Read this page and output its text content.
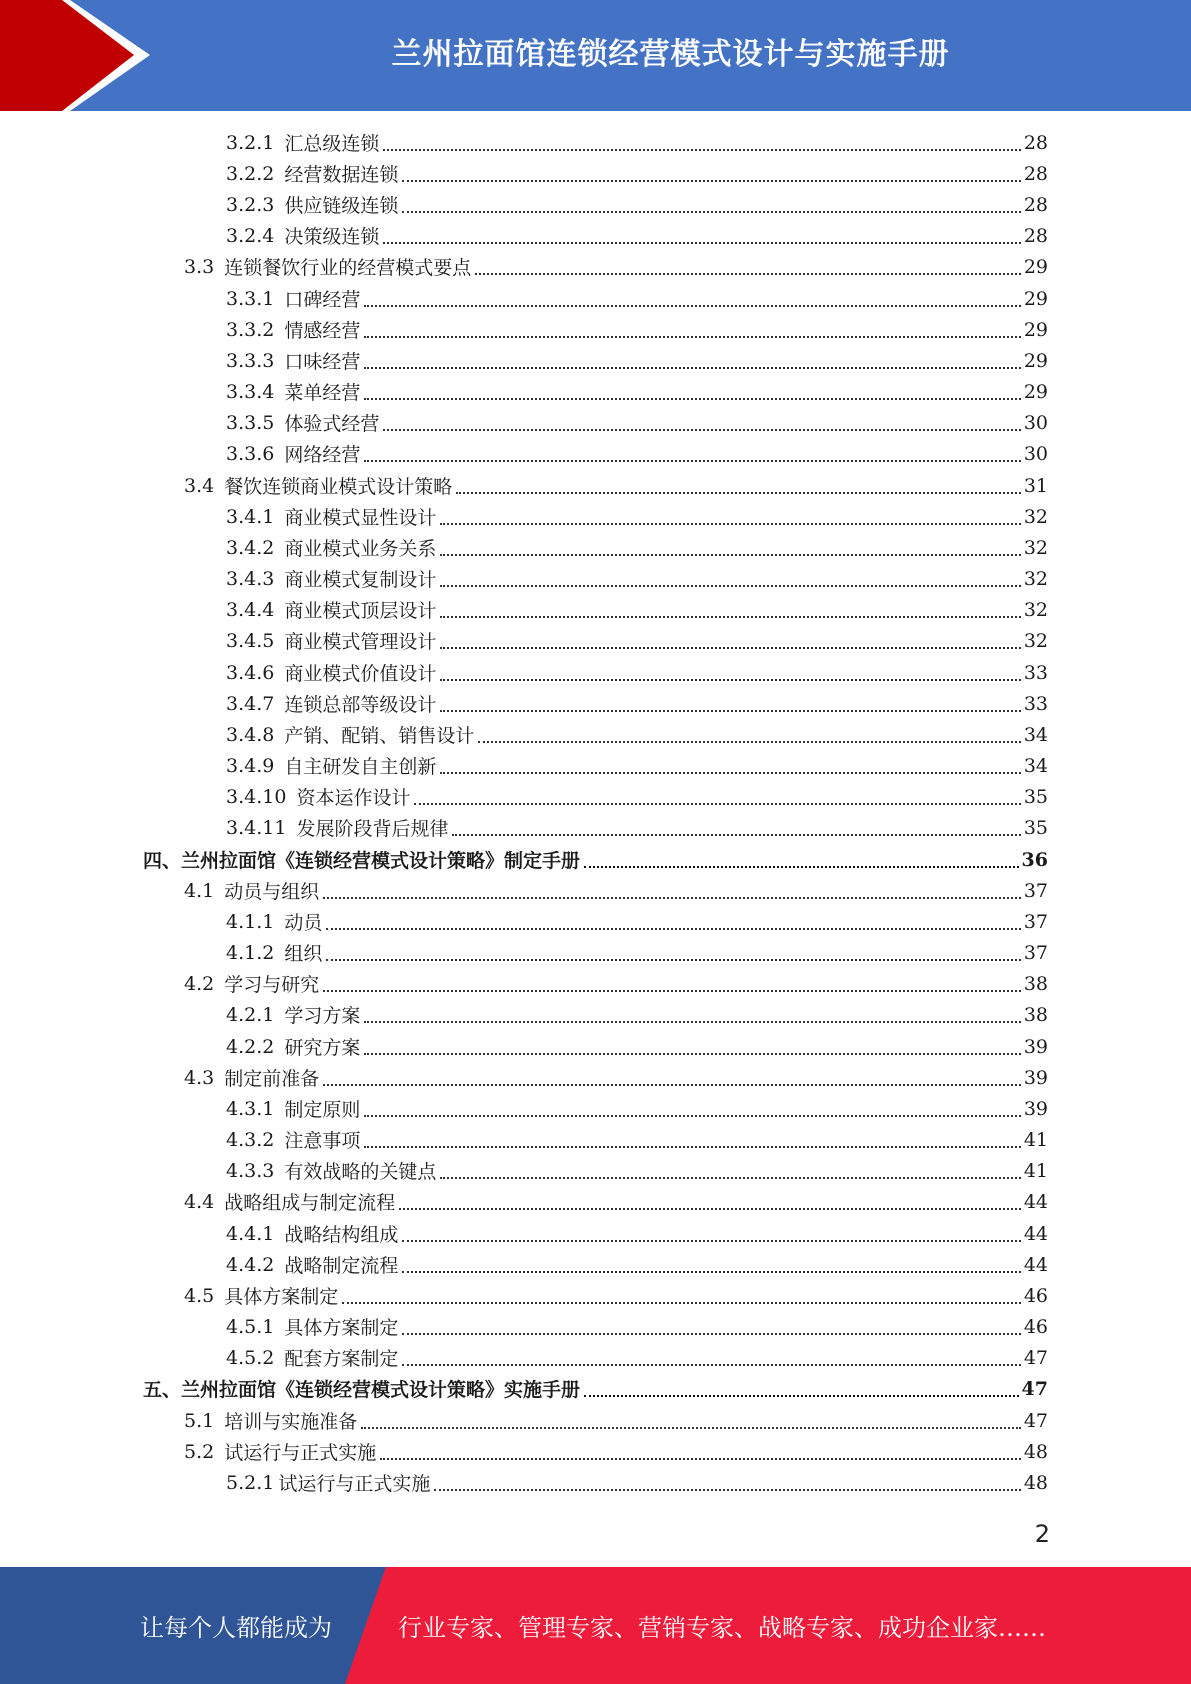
兰州拉面馆连锁经营模式设计与实施手册
3.2.1 汇总级连锁	28
3.2.2 经营数据连锁	28
3.2.3 供应链级连锁	28
3.2.4 决策级连锁	28
3.3 连锁餐饮行业的经营模式要点	29
3.3.1 口碑经营	29
3.3.2 情感经营	29
3.3.3 口味经营	29
3.3.4 菜单经营	29
3.3.5 体验式经营	30
3.3.6 网络经营	30
3.4 餐饮连锁商业模式设计策略	31
3.4.1 商业模式显性设计	32
3.4.2 商业模式业务关系	32
3.4.3 商业模式复制设计	32
3.4.4 商业模式顶层设计	32
3.4.5 商业模式管理设计	32
3.4.6 商业模式价值设计	33
3.4.7 连锁总部等级设计	33
3.4.8 产销、配销、销售设计	34
3.4.9 自主研发自主创新	34
3.4.10 资本运作设计	35
3.4.11 发展阶段背后规律	35
四、 兰州拉面馆《连锁经营模式设计策略》制定手册	36
4.1 动员与组织	37
4.1.1 动员	37
4.1.2 组织	37
4.2 学习与研究	38
4.2.1 学习方案	38
4.2.2 研究方案	39
4.3 制定前准备	39
4.3.1 制定原则	39
4.3.2 注意事项	41
4.3.3 有效战略的关键点	41
4.4 战略组成与制定流程	44
4.4.1 战略结构组成	44
4.4.2 战略制定流程	44
4.5 具体方案制定	46
4.5.1 具体方案制定	46
4.5.2 配套方案制定	47
五、 兰州拉面馆《连锁经营模式设计策略》实施手册	47
5.1 培训与实施准备	47
5.2 试运行与正式实施	48
5.2.1 试运行与正式实施	48
2
让每个人都能成为	行业专家、管理专家、营销专家、战略专家、成功企业家……
